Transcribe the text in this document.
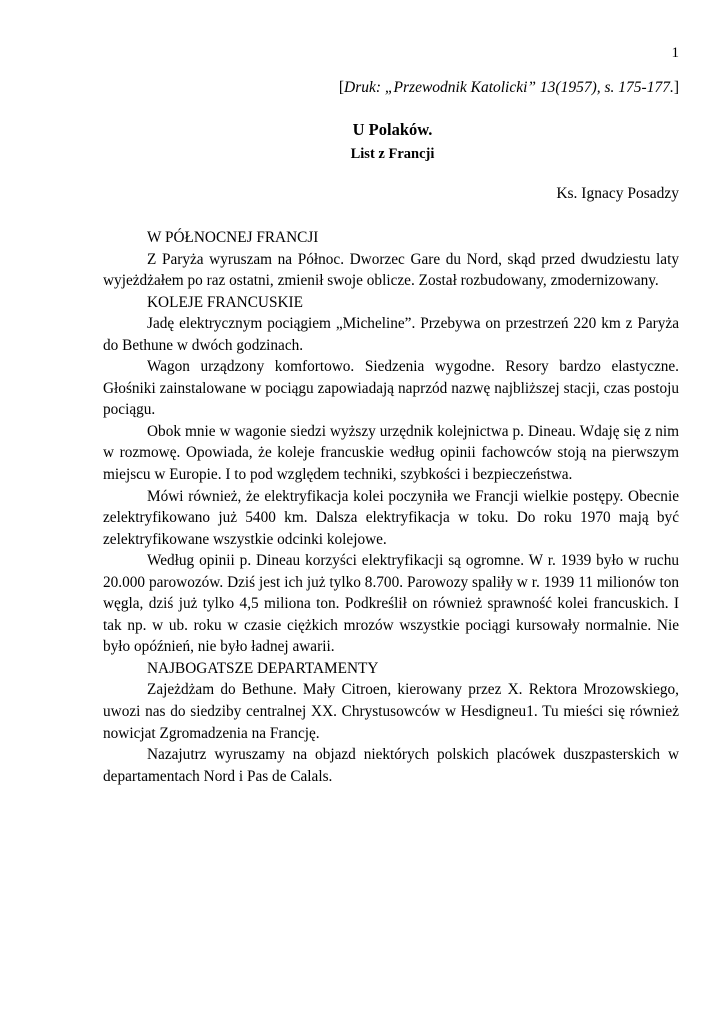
1
[Druk: „Przewodnik Katolicki” 13(1957), s. 175-177.]
U Polaków.
List z Francji
Ks. Ignacy Posadzy
W PÓŁNOCNEJ FRANCJI

Z Paryża wyruszam na Północ. Dworzec Gare du Nord, skąd przed dwudziestu laty wyjeżdżałem po raz ostatni, zmienił swoje oblicze. Został rozbudowany, zmodernizowany.

KOLEJE FRANCUSKIE

Jadę elektrycznym pociągiem „Micheline”. Przebywa on przestrzeń 220 km z Paryża do Bethune w dwóch godzinach.

Wagon urządzony komfortowo. Siedzenia wygodne. Resory bardzo elastyczne. Głośniki zainstalowane w pociągu zapowiadają naprzód nazwę najbliższej stacji, czas postoju pociągu.

Obok mnie w wagonie siedzi wyższy urzędnik kolejnictwa p. Dineau. Wdaję się z nim w rozmowę. Opowiada, że koleje francuskie według opinii fachowców stoją na pierwszym miejscu w Europie. I to pod względem techniki, szybkości i bezpieczeństwa.

Mówi również, że elektryfikacja kolei poczyniła we Francji wielkie postępy. Obecnie zelektryfikowano już 5400 km. Dalsza elektryfikacja w toku. Do roku 1970 mają być zelektryfikowane wszystkie odcinki kolejowe.

Według opinii p. Dineau korzyści elektryfikacji są ogromne. W r. 1939 było w ruchu 20.000 parowozów. Dziś jest ich już tylko 8.700. Parowozy spaliły w r. 1939 11 milionów ton węgla, dziś już tylko 4,5 miliona ton. Podkreślił on również sprawność kolei francuskich. I tak np. w ub. roku w czasie ciężkich mrozów wszystkie pociągi kursowały normalnie. Nie było opóźnień, nie było ładnej awarii.

NAJBOGATSZE DEPARTAMENTY

Zajeżdżam do Bethune. Mały Citroen, kierowany przez X. Rektora Mrozowskiego, uwozi nas do siedziby centralnej XX. Chrystusowców w Hesdigneu1. Tu mieści się również nowicjat Zgromadzenia na Francję.

Nazajutrz wyruszamy na objazd niektórych polskich placówek duszpasterskich w departamentach Nord i Pas de Calals.
